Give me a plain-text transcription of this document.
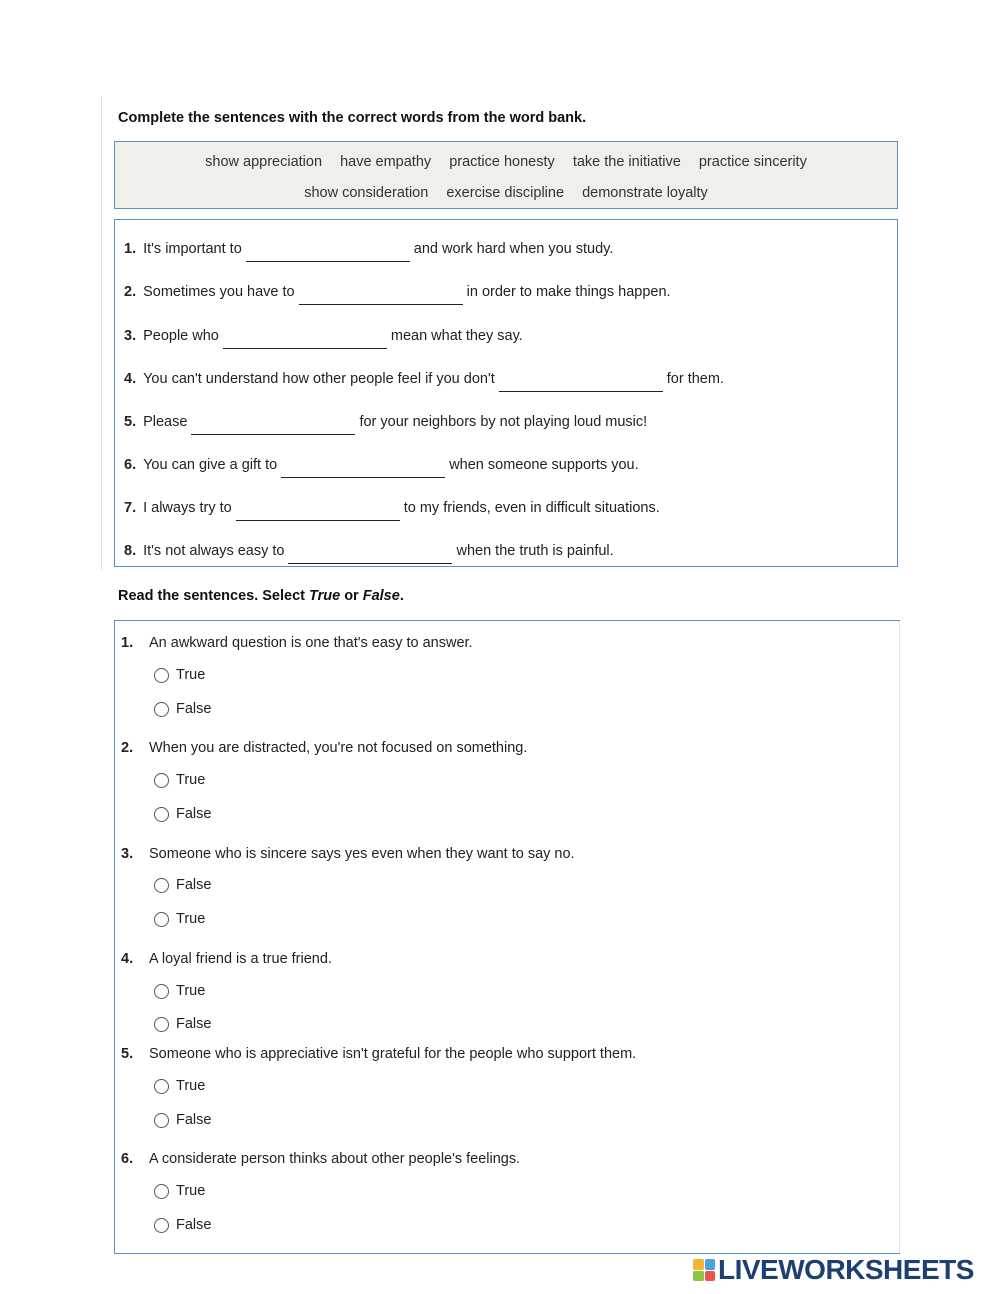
Complete the sentences with the correct words from the word bank.
show appreciation have empathy practice honesty take the initiative practice sincerity
show consideration exercise discipline demonstrate loyalty
1. It's important to	and work hard when you study.
2. Sometimes you have to	in order to make things happen.
3. People who	mean what they say.
4. You can't understand how other people feel if you don't	for them.
5. Please	for your neighbors by not playing loud music!
6. You can give a gift to	when someone supports you.
7. I always try to	to my friends, even in difficult situations.
8. It's not always easy to	when the truth is painful.
Read the sentences. Select True or False.
1. An awkward question is one that's easy to answer.
True
False
2. When you are distracted, you're not focused on something.
True
False
3. Someone who is sincere says yes even when they want to say no.
False
True
4. A loyal friend is a true friend.
True
False
5. Someone who is appreciative isn't grateful for the people who support them.
True
False
6. A considerate person thinks about other people's feelings.
True
False
LIVEWORKSHEETS
